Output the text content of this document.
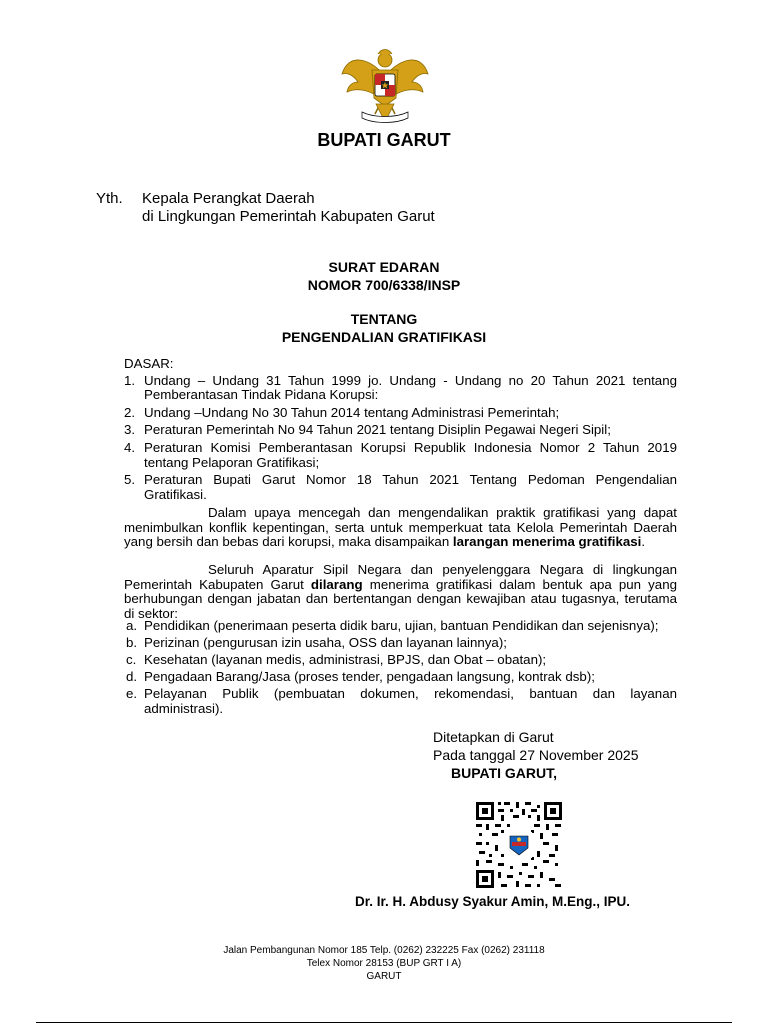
BUPATI GARUT
Yth. Kepala Perangkat Daerah
di Lingkungan Pemerintah Kabupaten Garut
SURAT EDARAN
NOMOR 700/6338/INSP
TENTANG
PENGENDALIAN GRATIFIKASI
DASAR:
1. Undang – Undang 31 Tahun 1999 jo. Undang - Undang no 20 Tahun 2021 tentang Pemberantasan Tindak Pidana Korupsi:
2. Undang –Undang No 30 Tahun 2014 tentang Administrasi Pemerintah;
3. Peraturan Pemerintah No 94 Tahun 2021 tentang Disiplin Pegawai Negeri Sipil;
4. Peraturan Komisi Pemberantasan Korupsi Republik Indonesia Nomor 2 Tahun 2019 tentang Pelaporan Gratifikasi;
5. Peraturan Bupati Garut Nomor 18 Tahun 2021 Tentang Pedoman Pengendalian Gratifikasi.
Dalam upaya mencegah dan mengendalikan praktik gratifikasi yang dapat menimbulkan konflik kepentingan, serta untuk memperkuat tata Kelola Pemerintah Daerah yang bersih dan bebas dari korupsi, maka disampaikan larangan menerima gratifikasi.
Seluruh Aparatur Sipil Negara dan penyelenggara Negara di lingkungan Pemerintah Kabupaten Garut dilarang menerima gratifikasi dalam bentuk apa pun yang berhubungan dengan jabatan dan bertentangan dengan kewajiban atau tugasnya, terutama di sektor:
a. Pendidikan (penerimaan peserta didik baru, ujian, bantuan Pendidikan dan sejenisnya);
b. Perizinan (pengurusan izin usaha, OSS dan layanan lainnya);
c. Kesehatan (layanan medis, administrasi, BPJS, dan Obat – obatan);
d. Pengadaan Barang/Jasa (proses tender, pengadaan langsung, kontrak dsb);
e. Pelayanan Publik (pembuatan dokumen, rekomendasi, bantuan dan layanan administrasi).
Ditetapkan di Garut
Pada tanggal 27 November 2025
BUPATI GARUT,
Dr. Ir. H. Abdusy Syakur Amin, M.Eng., IPU.
Jalan Pembangunan Nomor 185 Telp. (0262) 232225 Fax (0262) 231118
Telex Nomor 28153 (BUP GRT I A)
GARUT
